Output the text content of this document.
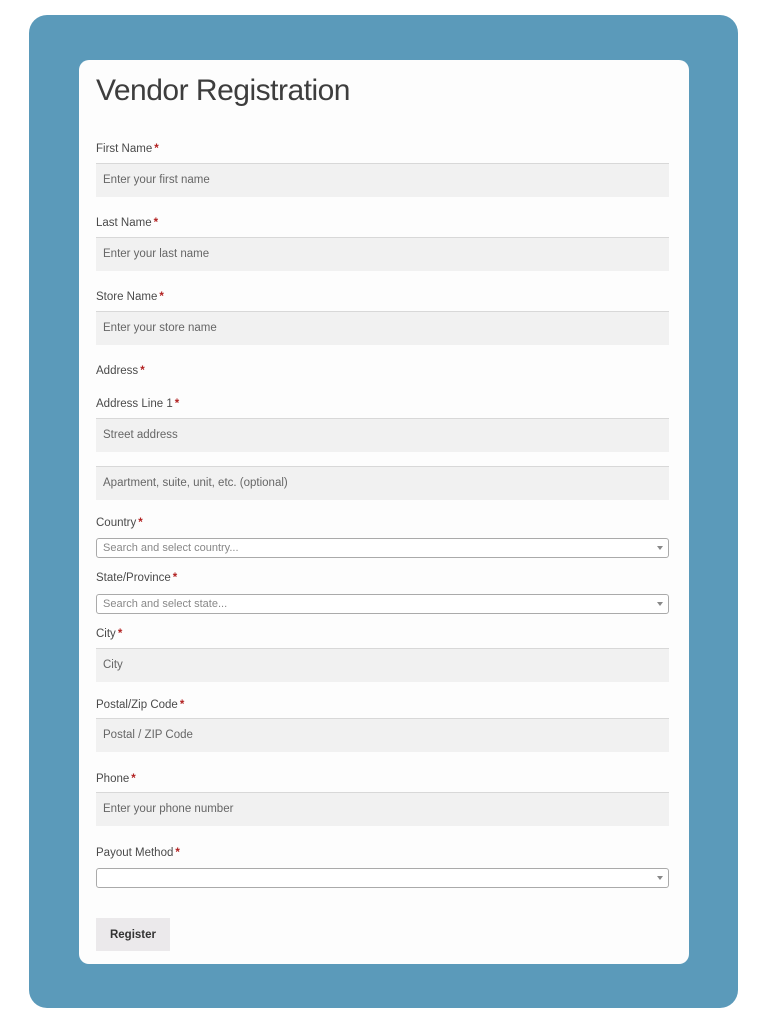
Vendor Registration
First Name *
Enter your first name
Last Name *
Enter your last name
Store Name *
Enter your store name
Address *
Address Line 1 *
Street address
Apartment, suite, unit, etc. (optional)
Country *
Search and select country...
State/Province *
Search and select state...
City *
City
Postal/Zip Code *
Postal / ZIP Code
Phone *
Enter your phone number
Payout Method *
Register
